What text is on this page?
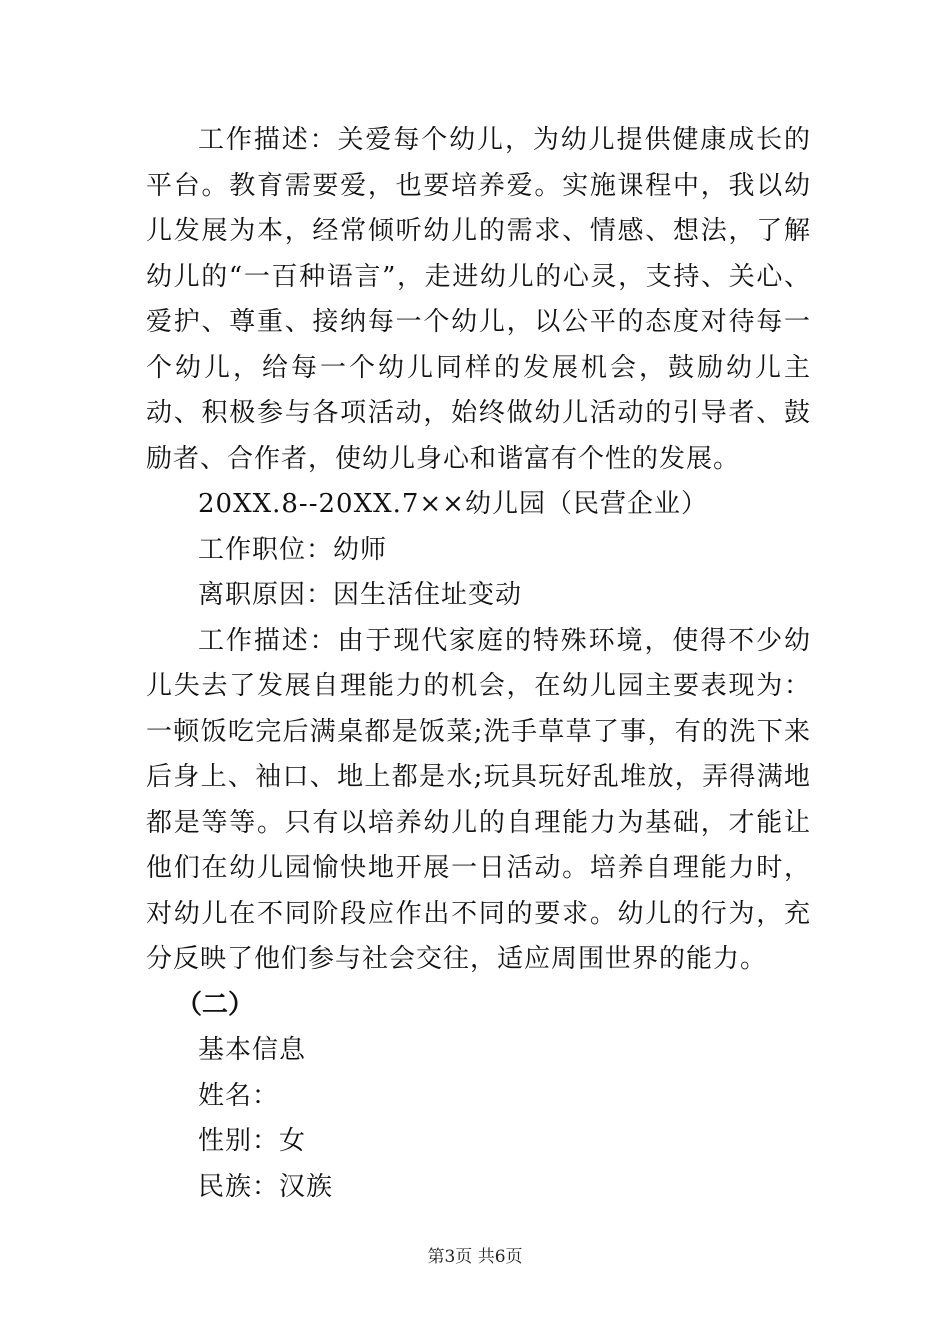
工作描述：关爱每个幼儿，为幼儿提供健康成长的平台。教育需要爱，也要培养爱。实施课程中，我以幼儿发展为本，经常倾听幼儿的需求、情感、想法，了解幼儿的“一百种语言”，走进幼儿的心灵，支持、关心、爱护、尊重、接纳每一个幼儿，以公平的态度对待每一个幼儿，给每一个幼儿同样的发展机会，鼓励幼儿主动、积极参与各项活动，始终做幼儿活动的引导者、鼓励者、合作者，使幼儿身心和谐富有个性的发展。

20XX.8--20XX.7××幼儿园（民营企业）

工作职位：幼师

离职原因：因生活住址变动

工作描述：由于现代家庭的特殊环境，使得不少幼儿失去了发展自理能力的机会，在幼儿园主要表现为：一顿饭吃完后满桌都是饭菜;洗手草草了事，有的洗下来后身上、袖口、地上都是水;玩具玩好乱堆放，弄得满地都是等等。只有以培养幼儿的自理能力为基础，才能让他们在幼儿园愉快地开展一日活动。培养自理能力时，对幼儿在不同阶段应作出不同的要求。幼儿的行为，充分反映了他们参与社会交往，适应周围世界的能力。

（二）

基本信息

姓名：

性别：女

民族：汉族

第3页 共6页
